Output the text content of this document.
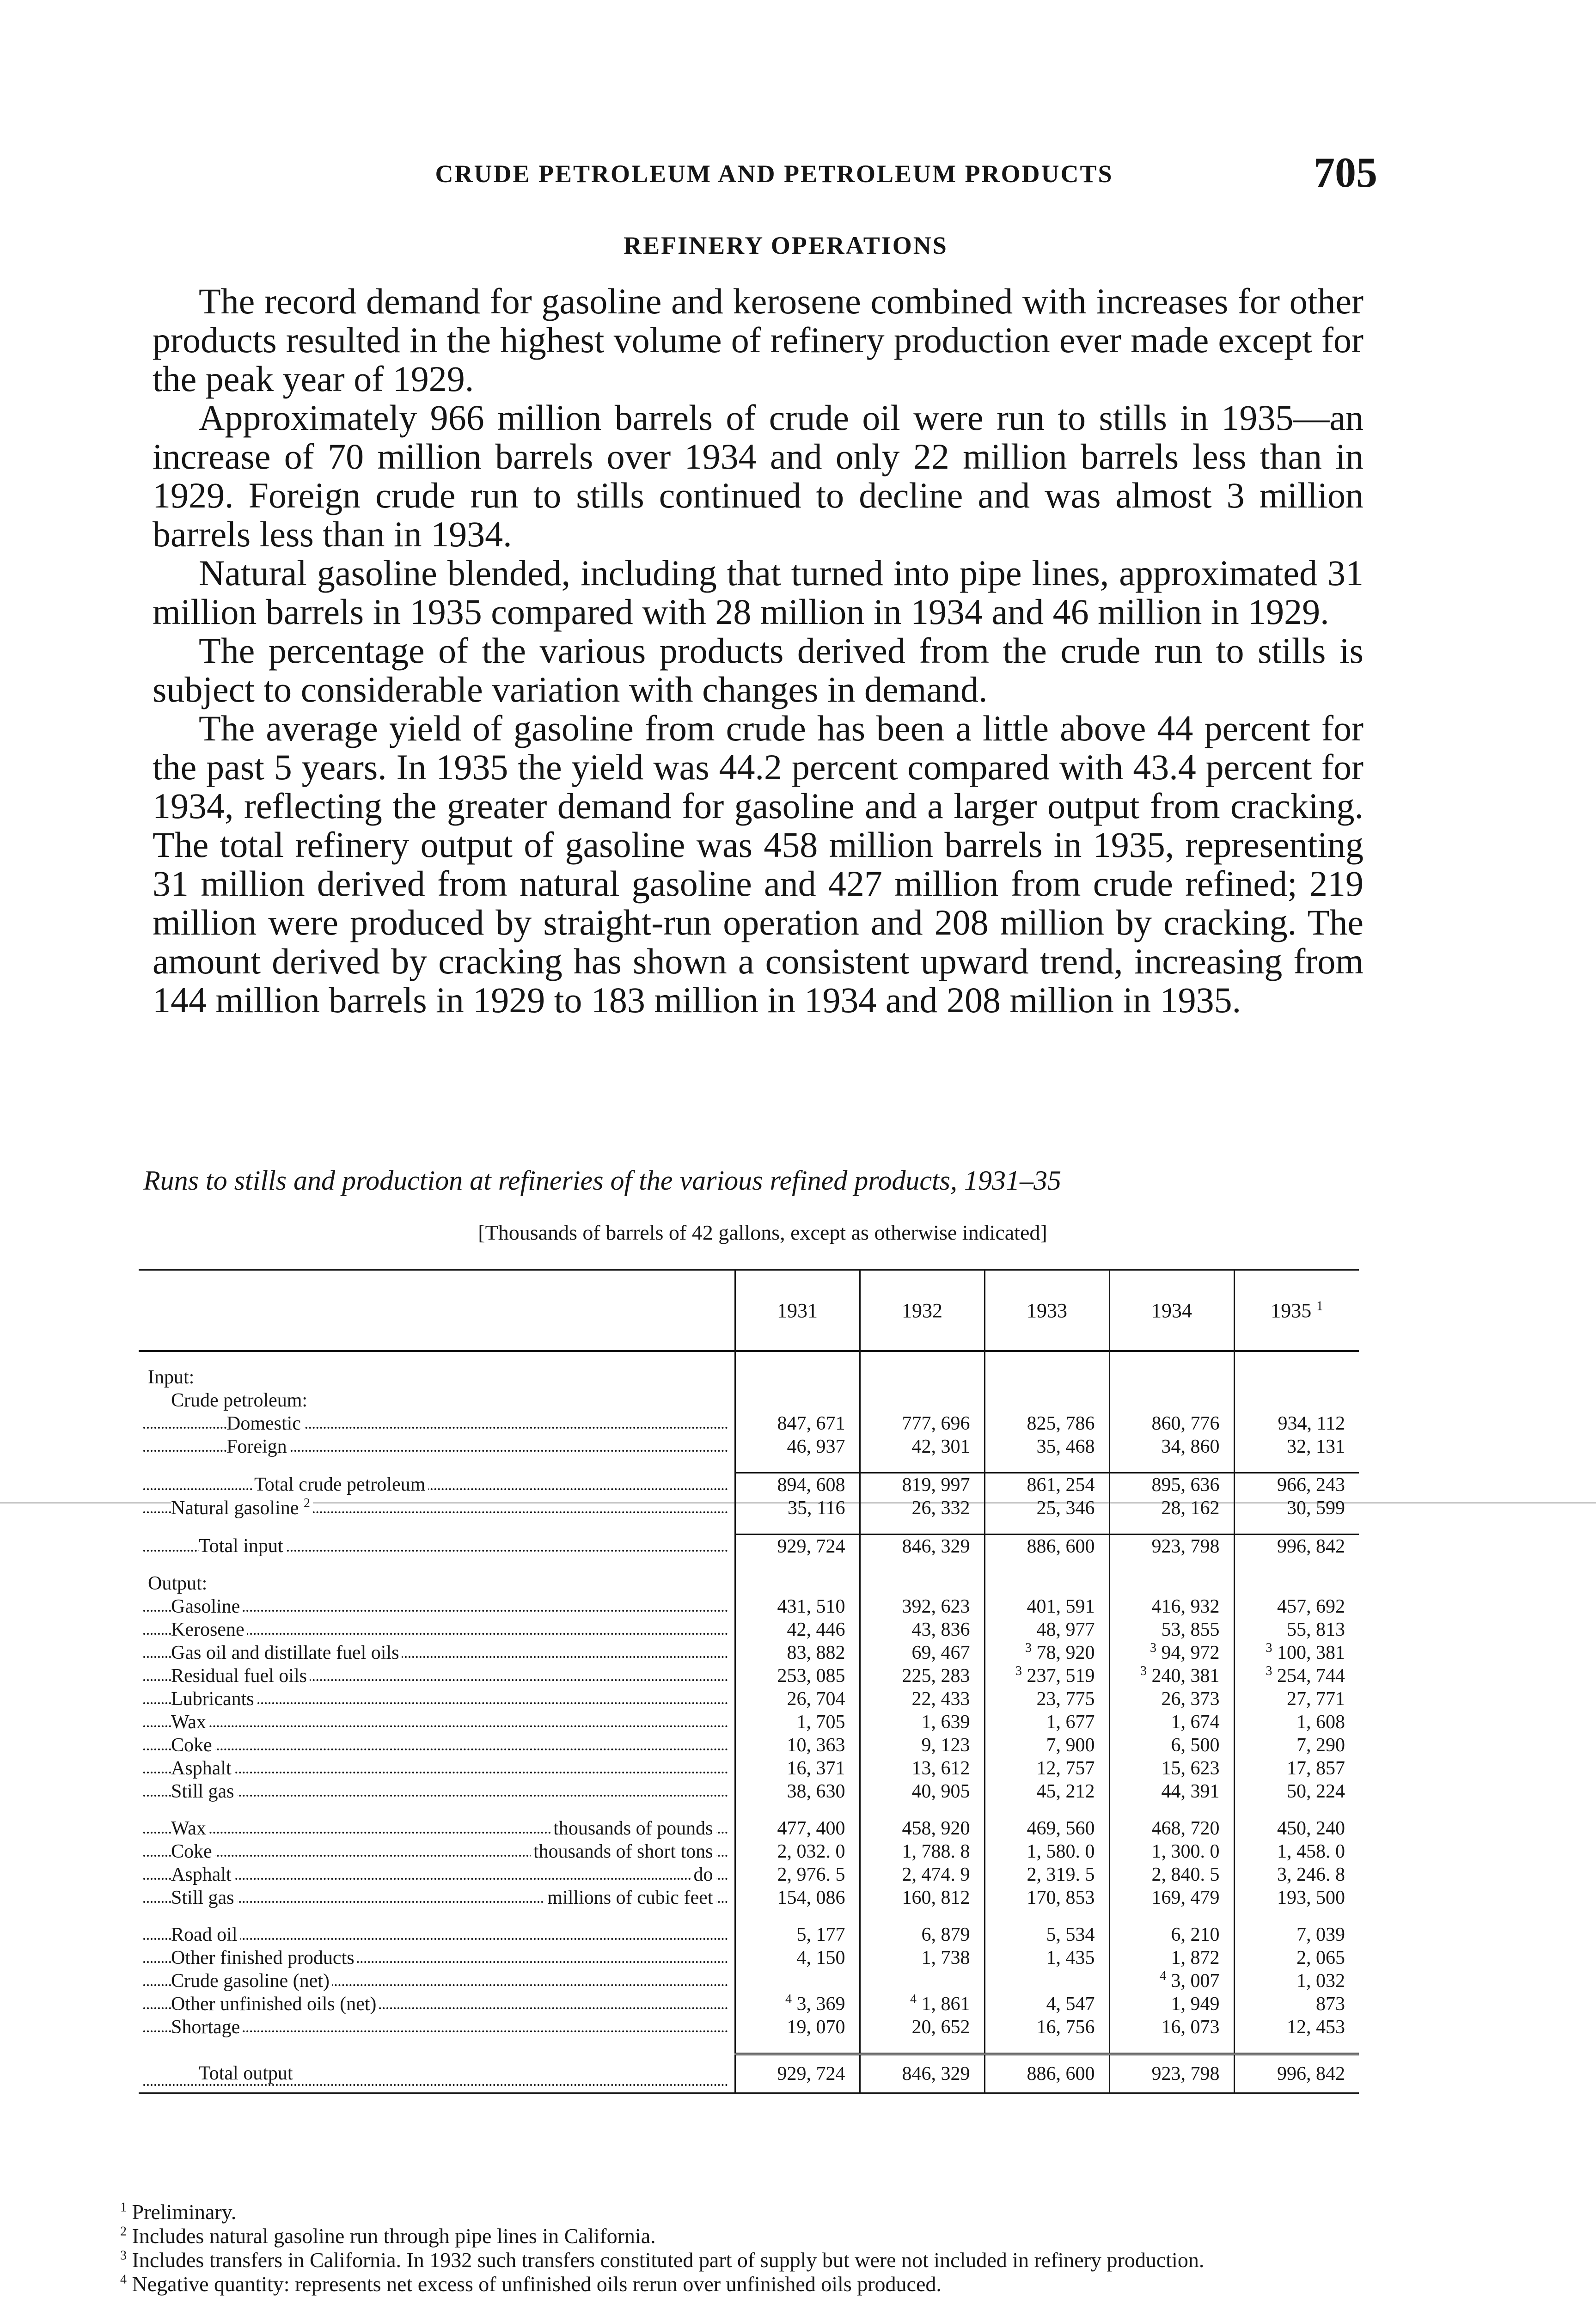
CRUDE PETROLEUM AND PETROLEUM PRODUCTS	705
REFINERY OPERATIONS

The record demand for gasoline and kerosene combined with increases for other products resulted in the highest volume of refinery production ever made except for the peak year of 1929.

Approximately 966 million barrels of crude oil were run to stills in 1935—an increase of 70 million barrels over 1934 and only 22 million barrels less than in 1929. Foreign crude run to stills continued to decline and was almost 3 million barrels less than in 1934.

Natural gasoline blended, including that turned into pipe lines, approximated 31 million barrels in 1935 compared with 28 million in 1934 and 46 million in 1929.

The percentage of the various products derived from the crude run to stills is subject to considerable variation with changes in demand.

The average yield of gasoline from crude has been a little above 44 percent for the past 5 years. In 1935 the yield was 44.2 percent compared with 43.4 percent for 1934, reflecting the greater demand for gasoline and a larger output from cracking. The total refinery output of gasoline was 458 million barrels in 1935, representing 31 million derived from natural gasoline and 427 million from crude refined; 219 million were produced by straight-run operation and 208 million by cracking. The amount derived by cracking has shown a consistent upward trend, increasing from 144 million barrels in 1929 to 183 million in 1934 and 208 million in 1935.

Runs to stills and production at refineries of the various refined products, 1931–35
[Thousands of barrels of 42 gallons, except as otherwise indicated]
	1931	1932	1933	1934	1935 $^1$

Input:					
Crude petroleum:					
Domestic	847, 671	777, 696	825, 786	860, 776	934, 112
Foreign	46, 937	42, 301	35, 468	34, 860	32, 131

Total crude petroleum	894, 608	819, 997	861, 254	895, 636	966, 243
Natural gasoline $^2$	35, 116	26, 332	25, 346	28, 162	30, 599

Total input	929, 724	846, 329	886, 600	923, 798	996, 842

Output:					
Gasoline	431, 510	392, 623	401, 591	416, 932	457, 692
Kerosene	42, 446	43, 836	48, 977	53, 855	55, 813
Gas oil and distillate fuel oils	83, 882	69, 467	$^3$ 78, 920	$^3$ 94, 972	$^3$ 100, 381
Residual fuel oils	253, 085	225, 283	$^3$ 237, 519	$^3$ 240, 381	$^3$ 254, 744
Lubricants	26, 704	22, 433	23, 775	26, 373	27, 771
Wax	1, 705	1, 639	1, 677	1, 674	1, 608
Coke	10, 363	9, 123	7, 900	6, 500	7, 290
Asphalt	16, 371	13, 612	12, 757	15, 623	17, 857
Still gas	38, 630	40, 905	45, 212	44, 391	50, 224

Wax thousands of pounds	477, 400	458, 920	469, 560	468, 720	450, 240
Coke thousands of short tons	2, 032. 0	1, 788. 8	1, 580. 0	1, 300. 0	1, 458. 0
Asphalt do	2, 976. 5	2, 474. 9	2, 319. 5	2, 840. 5	3, 246. 8
Still gas millions of cubic feet	154, 086	160, 812	170, 853	169, 479	193, 500

Road oil	5, 177	6, 879	5, 534	6, 210	7, 039
Other finished products	4, 150	1, 738	1, 435	1, 872	2, 065
Crude gasoline (net)				$^4$ 3, 007	1, 032
Other unfinished oils (net)	$^4$ 3, 369	$^4$ 1, 861	4, 547	1, 949	873
Shortage	19, 070	20, 652	16, 756	16, 073	12, 453

Total output	929, 724	846, 329	886, 600	923, 798	996, 842

$^1$ Preliminary.

$^2$ Includes natural gasoline run through pipe lines in California.

$^3$ Includes transfers in California. In 1932 such transfers constituted part of supply but were not included in refinery production.

$^4$ Negative quantity: represents net excess of unfinished oils rerun over unfinished oils produced.
